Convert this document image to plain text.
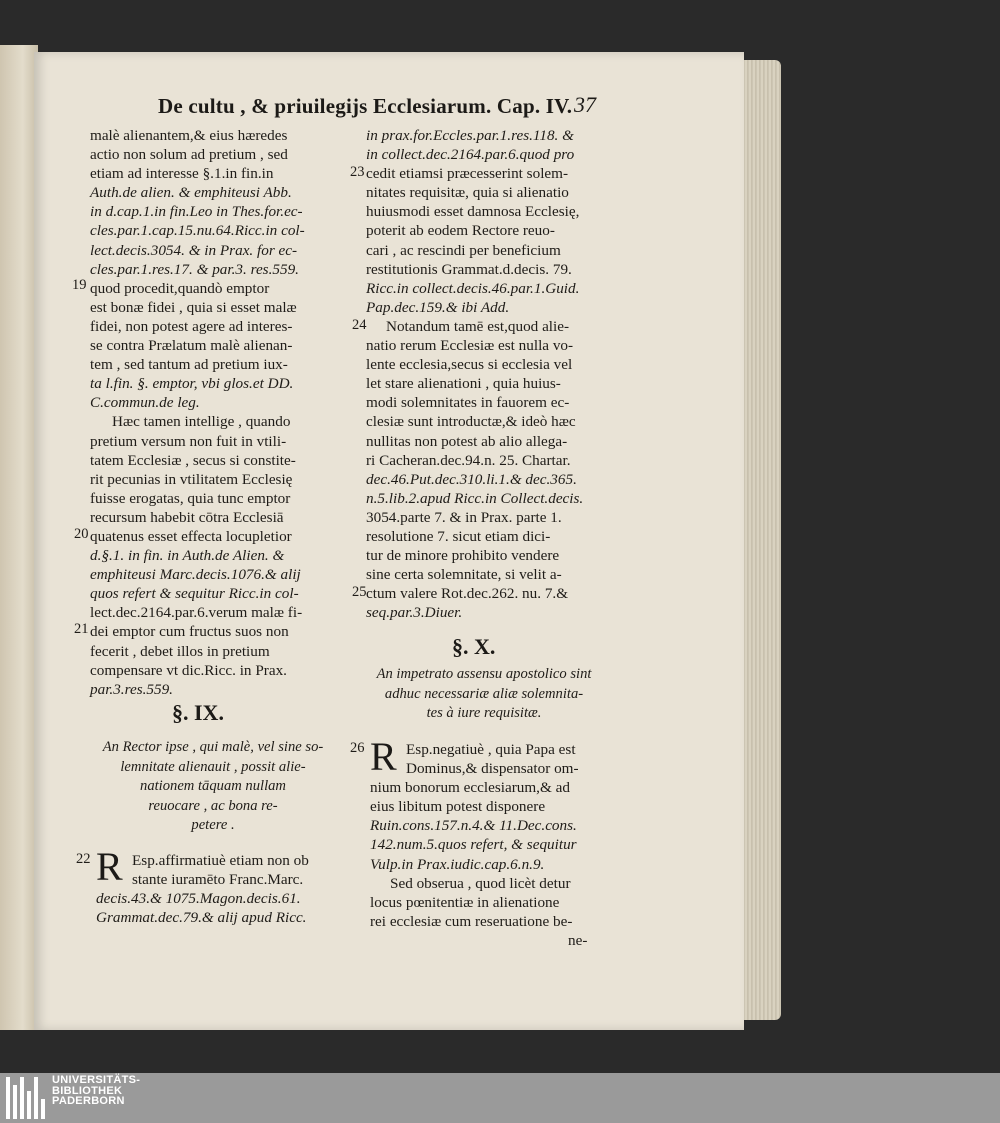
De cultu , & priuilegijs Ecclesiarum. Cap. IV. 37
malè alienantem,& eius hæredes
actio non solum ad pretium , sed
etiam ad interesse §.1.in fin.in
Auth.de alien. & emphiteusi Abb.
in d.cap.1.in fin.Leo in Thes.for.ec-
cles.par.1.cap.15.nu.64.Ricc.in col-
lect.decis.3054. & in Prax. for ec-
cles.par.1.res.17. & par.3. res.559.
quod procedit,quandò emptor
est bonæ fidei , quia si esset malæ
fidei, non potest agere ad interes-
se contra Prælatum malè alienan-
tem , sed tantum ad pretium iux-
ta l.fin. §. emptor, vbi glos.et DD.
C.commun.de leg.
Hæc tamen intellige , quando
pretium versum non fuit in vtili-
tatem Ecclesiæ , secus si constite-
rit pecunias in vtilitatem Ecclesię
fuisse erogatas, quia tunc emptor
recursum habebit cōtra Ecclesiā
quatenus esset effecta locupletior
d.§.1. in fin. in Auth.de Alien. &
emphiteusi Marc.decis.1076.& alij
quos refert & sequitur Ricc.in col-
lect.dec.2164.par.6.verum malæ fi-
dei emptor cum fructus suos non
fecerit , debet illos in pretium
compensare vt dic.Ricc. in Prax.
par.3.res.559.
19
20
21
§. IX.
An Rector ipse , qui malè, vel sine so-
lemnitate alienauit , possit alie-
nationem tāquam nullam
reuocare , ac bona re-
petere .
22 R Esp.affirmatiuè etiam non ob
stante iuramēto Franc.Marc.
decis.43.& 1075.Magon.decis.61.
Grammat.dec.79.& alij apud Ricc.
in prax.for.Eccles.par.1.res.118. &
in collect.dec.2164.par.6.quod pro
cedit etiamsi præcesserint solem-
nitates requisitæ, quia si alienatio
huiusmodi esset damnosa Ecclesię,
poterit ab eodem Rectore reuo-
cari , ac rescindi per beneficium
restitutionis Grammat.d.decis. 79.
Ricc.in collect.decis.46.par.1.Guid.
Pap.dec.159.& ibi Add.
Notandum tamē est,quod alie-
natio rerum Ecclesiæ est nulla vo-
lente ecclesia,secus si ecclesia vel
let stare alienationi , quia huius-
modi solemnitates in fauorem ec-
clesiæ sunt introductæ,& ideò hæc
nullitas non potest ab alio allega-
ri Cacheran.dec.94.n. 25. Chartar.
dec.46.Put.dec.310.li.1.& dec.365.
n.5.lib.2.apud Ricc.in Collect.decis.
3054.parte 7. & in Prax. parte 1.
resolutione 7. sicut etiam dici-
tur de minore prohibito vendere
sine certa solemnitate, si velit a-
ctum valere Rot.dec.262. nu. 7.&
seq.par.3.Diuer.
23
24
25
§. X.
An impetrato assensu apostolico sint
adhuc necessariæ aliæ solemnita-
tes à iure requisitæ.
26 R Esp.negatiuè , quia Papa est
Dominus,& dispensator om-
nium bonorum ecclesiarum,& ad
eius libitum potest disponere
Ruin.cons.157.n.4.& 11.Dec.cons.
142.num.5.quos refert, & sequitur
Vulp.in Prax.iudic.cap.6.n.9.
Sed obserua , quod licèt detur
locus pœnitentiæ in alienatione
rei ecclesiæ cum reseruatione be-
ne-
UNIVERSITÄTS-
BIBLIOTHEK
PADERBORN
